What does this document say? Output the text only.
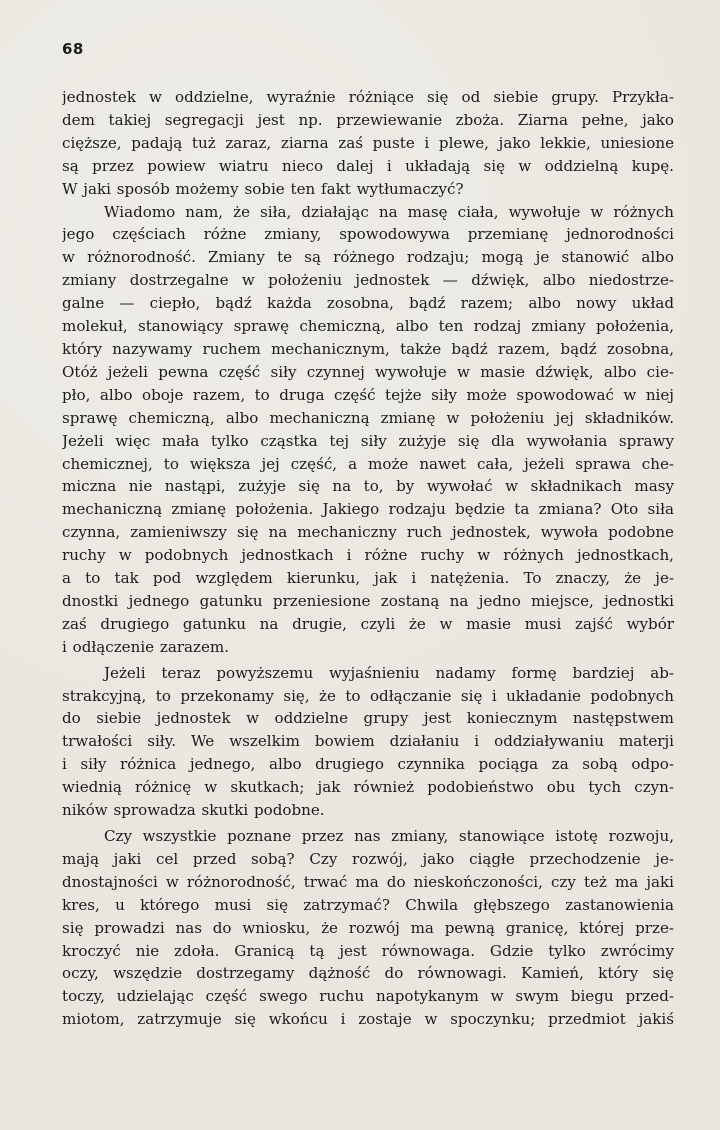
68
jednostek w oddzielne, wyraźnie różniące się od siebie grupy. Przykła-
dem takiej segregacji jest np. przewiewanie zboża. Ziarna pełne, jako
cięższe, padają tuż zaraz, ziarna zaś puste i plewe, jako lekkie, uniesione
są przez powiew wiatru nieco dalej i układają się w oddzielną kupę.
W jaki sposób możemy sobie ten fakt wytłumaczyć?
Wiadomo nam, że siła, działając na masę ciała, wywołuje w różnych
jego częściach różne zmiany, spowodowywa przemianę jednorodności
w różnorodność. Zmiany te są różnego rodzaju; mogą je stanowić albo
zmiany dostrzegalne w położeniu jednostek — dźwięk, albo niedostrze-
galne — ciepło, bądź każda zosobna, bądź razem; albo nowy układ
molekuł, stanowiący sprawę chemiczną, albo ten rodzaj zmiany położenia,
który nazywamy ruchem mechanicznym, także bądź razem, bądź zosobna,
Otóż jeżeli pewna część siły czynnej wywołuje w masie dźwięk, albo cie-
pło, albo oboje razem, to druga część tejże siły może spowodować w niej
sprawę chemiczną, albo mechaniczną zmianę w położeniu jej składników.
Jeżeli więc mała tylko cząstka tej siły zużyje się dla wywołania sprawy
chemicznej, to większa jej część, a może nawet cała, jeżeli sprawa che-
miczna nie nastąpi, zużyje się na to, by wywołać w składnikach masy
mechaniczną zmianę położenia. Jakiego rodzaju będzie ta zmiana? Oto siła
czynna, zamieniwszy się na mechaniczny ruch jednostek, wywoła podobne
ruchy w podobnych jednostkach i różne ruchy w różnych jednostkach,
a to tak pod względem kierunku, jak i natężenia. To znaczy, że je-
dnostki jednego gatunku przeniesione zostaną na jedno miejsce, jednostki
zaś drugiego gatunku na drugie, czyli że w masie musi zajść wybór
i odłączenie zarazem.
Jeżeli teraz powyższemu wyjaśnieniu nadamy formę bardziej ab-
strakcyjną, to przekonamy się, że to odłączanie się i układanie podobnych
do siebie jednostek w oddzielne grupy jest koniecznym następstwem
trwałości siły. We wszelkim bowiem działaniu i oddziaływaniu materji
i siły różnica jednego, albo drugiego czynnika pociąga za sobą odpo-
wiednią różnicę w skutkach; jak również podobieństwo obu tych czyn-
ników sprowadza skutki podobne.
Czy wszystkie poznane przez nas zmiany, stanowiące istotę rozwoju,
mają jaki cel przed sobą? Czy rozwój, jako ciągłe przechodzenie je-
dnostajności w różnorodność, trwać ma do nieskończoności, czy też ma jaki
kres, u którego musi się zatrzymać? Chwila głębszego zastanowienia
się prowadzi nas do wniosku, że rozwój ma pewną granicę, której prze-
kroczyć nie zdoła. Granicą tą jest równowaga. Gdzie tylko zwrócimy
oczy, wszędzie dostrzegamy dążność do równowagi. Kamień, który się
toczy, udzielając część swego ruchu napotykanym w swym biegu przed-
miotom, zatrzymuje się wkońcu i zostaje w spoczynku; przedmiot jakiś
